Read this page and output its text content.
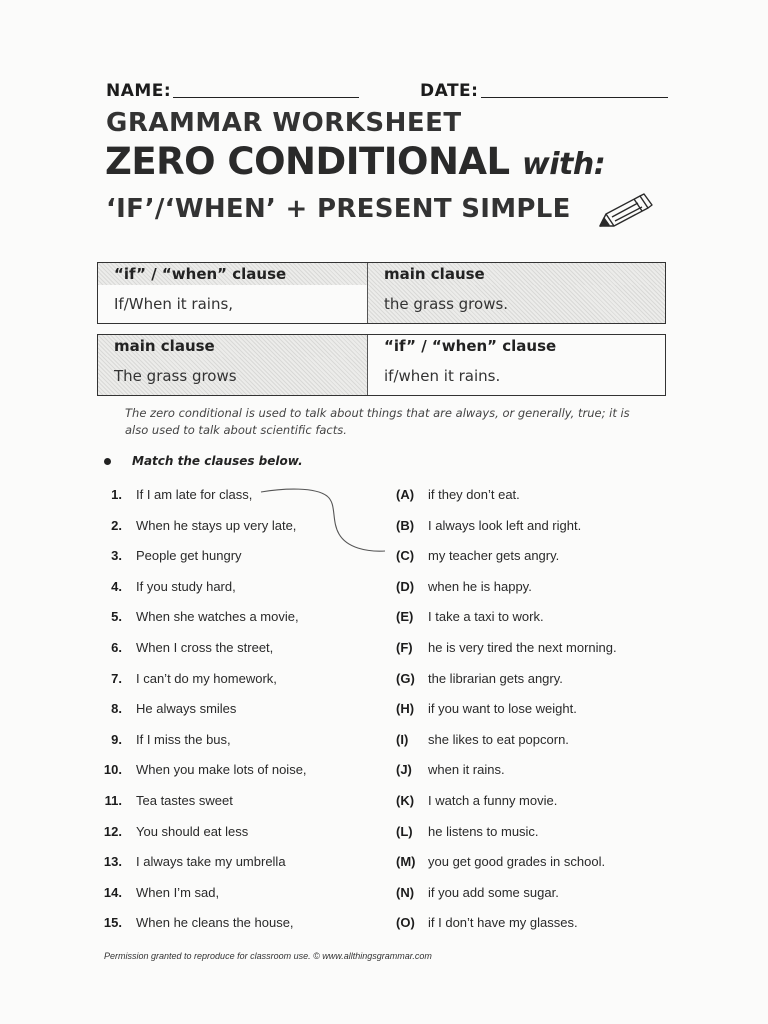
NAME:	DATE:
GRAMMAR WORKSHEET
ZERO CONDITIONAL with:
‘IF’/‘WHEN’ + PRESENT SIMPLE
“if” / “when” clause	main clause
If/When it rains,	the grass grows.
main clause	“if” / “when” clause
The grass grows	if/when it rains.
The zero conditional is used to talk about things that are always, or generally, true; it is also used to talk about scientific facts.
Match the clauses below.
1. If I am late for class,
2. When he stays up very late,
3. People get hungry
4. If you study hard,
5. When she watches a movie,
6. When I cross the street,
7. I can’t do my homework,
8. He always smiles
9. If I miss the bus,
10. When you make lots of noise,
11. Tea tastes sweet
12. You should eat less
13. I always take my umbrella
14. When I’m sad,
15. When he cleans the house,
(A) if they don’t eat.
(B) I always look left and right.
(C) my teacher gets angry.
(D) when he is happy.
(E) I take a taxi to work.
(F) he is very tired the next morning.
(G) the librarian gets angry.
(H) if you want to lose weight.
(I) she likes to eat popcorn.
(J) when it rains.
(K) I watch a funny movie.
(L) he listens to music.
(M) you get good grades in school.
(N) if you add some sugar.
(O) if I don’t have my glasses.
Permission granted to reproduce for classroom use. © www.allthingsgrammar.com
